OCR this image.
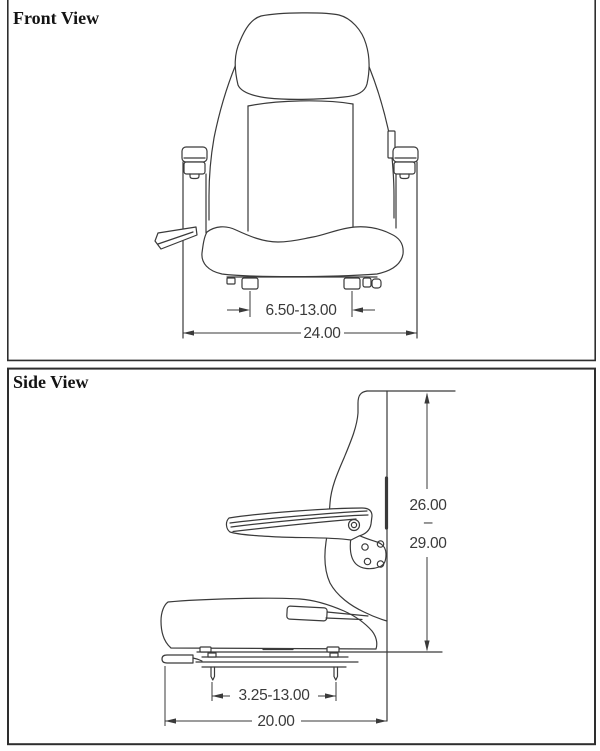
Front View
Side View
6.50-13.00
24.00
26.00
–
29.00
3.25-13.00
20.00
